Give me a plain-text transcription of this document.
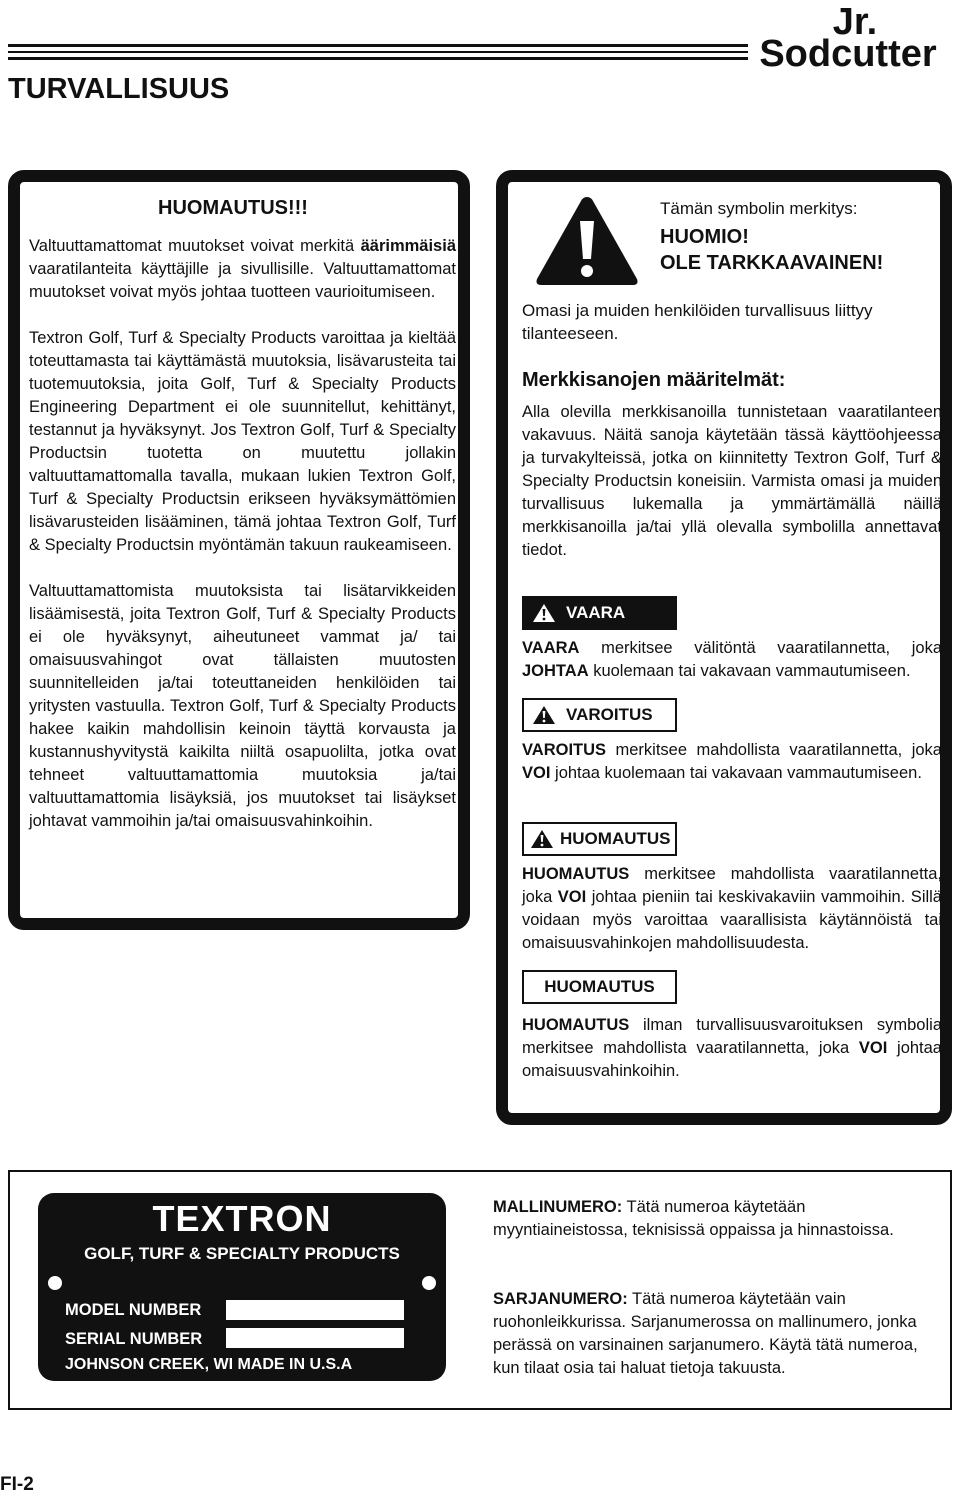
Jr.
Sodcutter
TURVALLISUUS
HUOMAUTUS!!!

Valtuuttamattomat muutokset voivat merkitä äärimmäisiä vaaratilanteita käyttäjille ja sivullisille. Valtuuttamattomat muutokset voivat myös johtaa tuotteen vaurioitumiseen.

Textron Golf, Turf & Specialty Products varoittaa ja kieltää toteuttamasta tai käyttämästä muutoksia, lisävarusteita tai tuotemuutoksia, joita Golf, Turf & Specialty Products Engineering Department ei ole suunnitellut, kehittänyt, testannut ja hyväksynyt. Jos Textron Golf, Turf & Specialty Productsin tuotetta on muutettu jollakin valtuuttamattomalla tavalla, mukaan lukien Textron Golf, Turf & Specialty Productsin erikseen hyväksymättömien lisävarusteiden lisääminen, tämä johtaa Textron Golf, Turf & Specialty Productsin myöntämän takuun raukeamiseen.

Valtuuttamattomista muutoksista tai lisätarvikkeiden lisäämisestä, joita Textron Golf, Turf & Specialty Products ei ole hyväksynyt, aiheutuneet vammat ja/ tai omaisuusvahingot ovat tällaisten muutosten suunnitelleiden ja/tai toteuttaneiden henkilöiden tai yritysten vastuulla. Textron Golf, Turf & Specialty Products hakee kaikin mahdollisin keinoin täyttä korvausta ja kustannushyvitystä kaikilta niiltä osapuolilta, jotka ovat tehneet valtuuttamattomia muutoksia ja/tai valtuuttamattomia lisäyksiä, jos muutokset tai lisäykset johtavat vammoihin ja/tai omaisuusvahinkoihin.

Tämän symbolin merkitys:
HUOMIO!
OLE TARKKAAVAINEN!
Omasi ja muiden henkilöiden turvallisuus liittyy tilanteeseen.
Merkkisanojen määritelmät:
Alla olevilla merkkisanoilla tunnistetaan vaaratilanteen vakavuus. Näitä sanoja käytetään tässä käyttöohjeessa ja turvakylteissä, jotka on kiinnitetty Textron Golf, Turf & Specialty Productsin koneisiin. Varmista omasi ja muiden turvallisuus lukemalla ja ymmärtämällä näillä merkkisanoilla ja/tai yllä olevalla symbolilla annettavat tiedot.
VAARA
VAARA merkitsee välitöntä vaaratilannetta, joka JOHTAA kuolemaan tai vakavaan vammautumiseen.
VAROITUS
VAROITUS merkitsee mahdollista vaaratilannetta, joka VOI johtaa kuolemaan tai vakavaan vammautumiseen.
HUOMAUTUS
HUOMAUTUS merkitsee mahdollista vaaratilannetta, joka VOI johtaa pieniin tai keskivakaviin vammoihin. Sillä voidaan myös varoittaa vaarallisista käytännöistä tai omaisuusvahinkojen mahdollisuudesta.
HUOMAUTUS
HUOMAUTUS ilman turvallisuusvaroituksen symbolia merkitsee mahdollista vaaratilannetta, joka VOI johtaa omaisuusvahinkoihin.
TEXTRON
GOLF, TURF & SPECIALTY PRODUCTS
MODEL NUMBER
SERIAL NUMBER
JOHNSON CREEK, WI MADE IN U.S.A
MALLINUMERO: Tätä numeroa käytetään myyntiaineistossa, teknisissä oppaissa ja hinnastoissa.
SARJANUMERO: Tätä numeroa käytetään vain ruohonleikkurissa. Sarjanumerossa on mallinumero, jonka perässä on varsinainen sarjanumero. Käytä tätä numeroa, kun tilaat osia tai haluat tietoja takuusta.
FI-2
